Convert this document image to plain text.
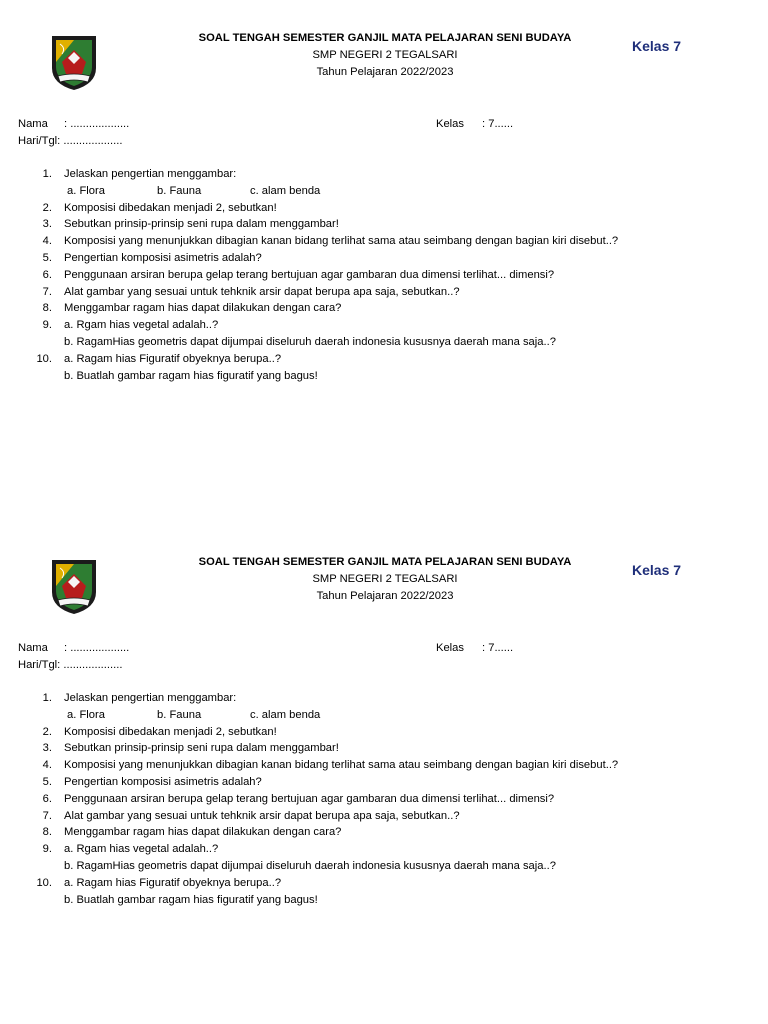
SOAL TENGAH SEMESTER GANJIL MATA PELAJARAN SENI BUDAYA
SMP NEGERI 2 TEGALSARI
Tahun Pelajaran 2022/2023
Kelas 7
Nama : ...................	Kelas : 7......
Hari/Tgl: ...................
1. Jelaskan pengertian menggambar:
a. Flora	b. Fauna	c. alam benda
2. Komposisi dibedakan menjadi 2, sebutkan!
3. Sebutkan prinsip-prinsip seni rupa dalam menggambar!
4. Komposisi yang menunjukkan dibagian kanan bidang terlihat sama atau seimbang dengan bagian kiri disebut..?
5. Pengertian komposisi asimetris adalah?
6. Penggunaan arsiran berupa gelap terang bertujuan agar gambaran dua dimensi terlihat... dimensi?
7. Alat gambar yang sesuai untuk tehknik arsir dapat berupa apa saja, sebutkan..?
8. Menggambar ragam hias dapat dilakukan dengan cara?
9. a. Rgam hias vegetal adalah..?
b. RagamHias geometris dapat dijumpai diseluruh daerah indonesia kususnya daerah mana saja..?
10. a. Ragam hias Figuratif obyeknya berupa..?
b. Buatlah gambar ragam hias figuratif yang bagus!
SOAL TENGAH SEMESTER GANJIL MATA PELAJARAN SENI BUDAYA
SMP NEGERI 2 TEGALSARI
Tahun Pelajaran 2022/2023
Kelas 7
Nama : ...................	Kelas : 7......
Hari/Tgl: ...................
1. Jelaskan pengertian menggambar:
a. Flora	b. Fauna	c. alam benda
2. Komposisi dibedakan menjadi 2, sebutkan!
3. Sebutkan prinsip-prinsip seni rupa dalam menggambar!
4. Komposisi yang menunjukkan dibagian kanan bidang terlihat sama atau seimbang dengan bagian kiri disebut..?
5. Pengertian komposisi asimetris adalah?
6. Penggunaan arsiran berupa gelap terang bertujuan agar gambaran dua dimensi terlihat... dimensi?
7. Alat gambar yang sesuai untuk tehknik arsir dapat berupa apa saja, sebutkan..?
8. Menggambar ragam hias dapat dilakukan dengan cara?
9. a. Rgam hias vegetal adalah..?
b. RagamHias geometris dapat dijumpai diseluruh daerah indonesia kususnya daerah mana saja..?
10. a. Ragam hias Figuratif obyeknya berupa..?
b. Buatlah gambar ragam hias figuratif yang bagus!
